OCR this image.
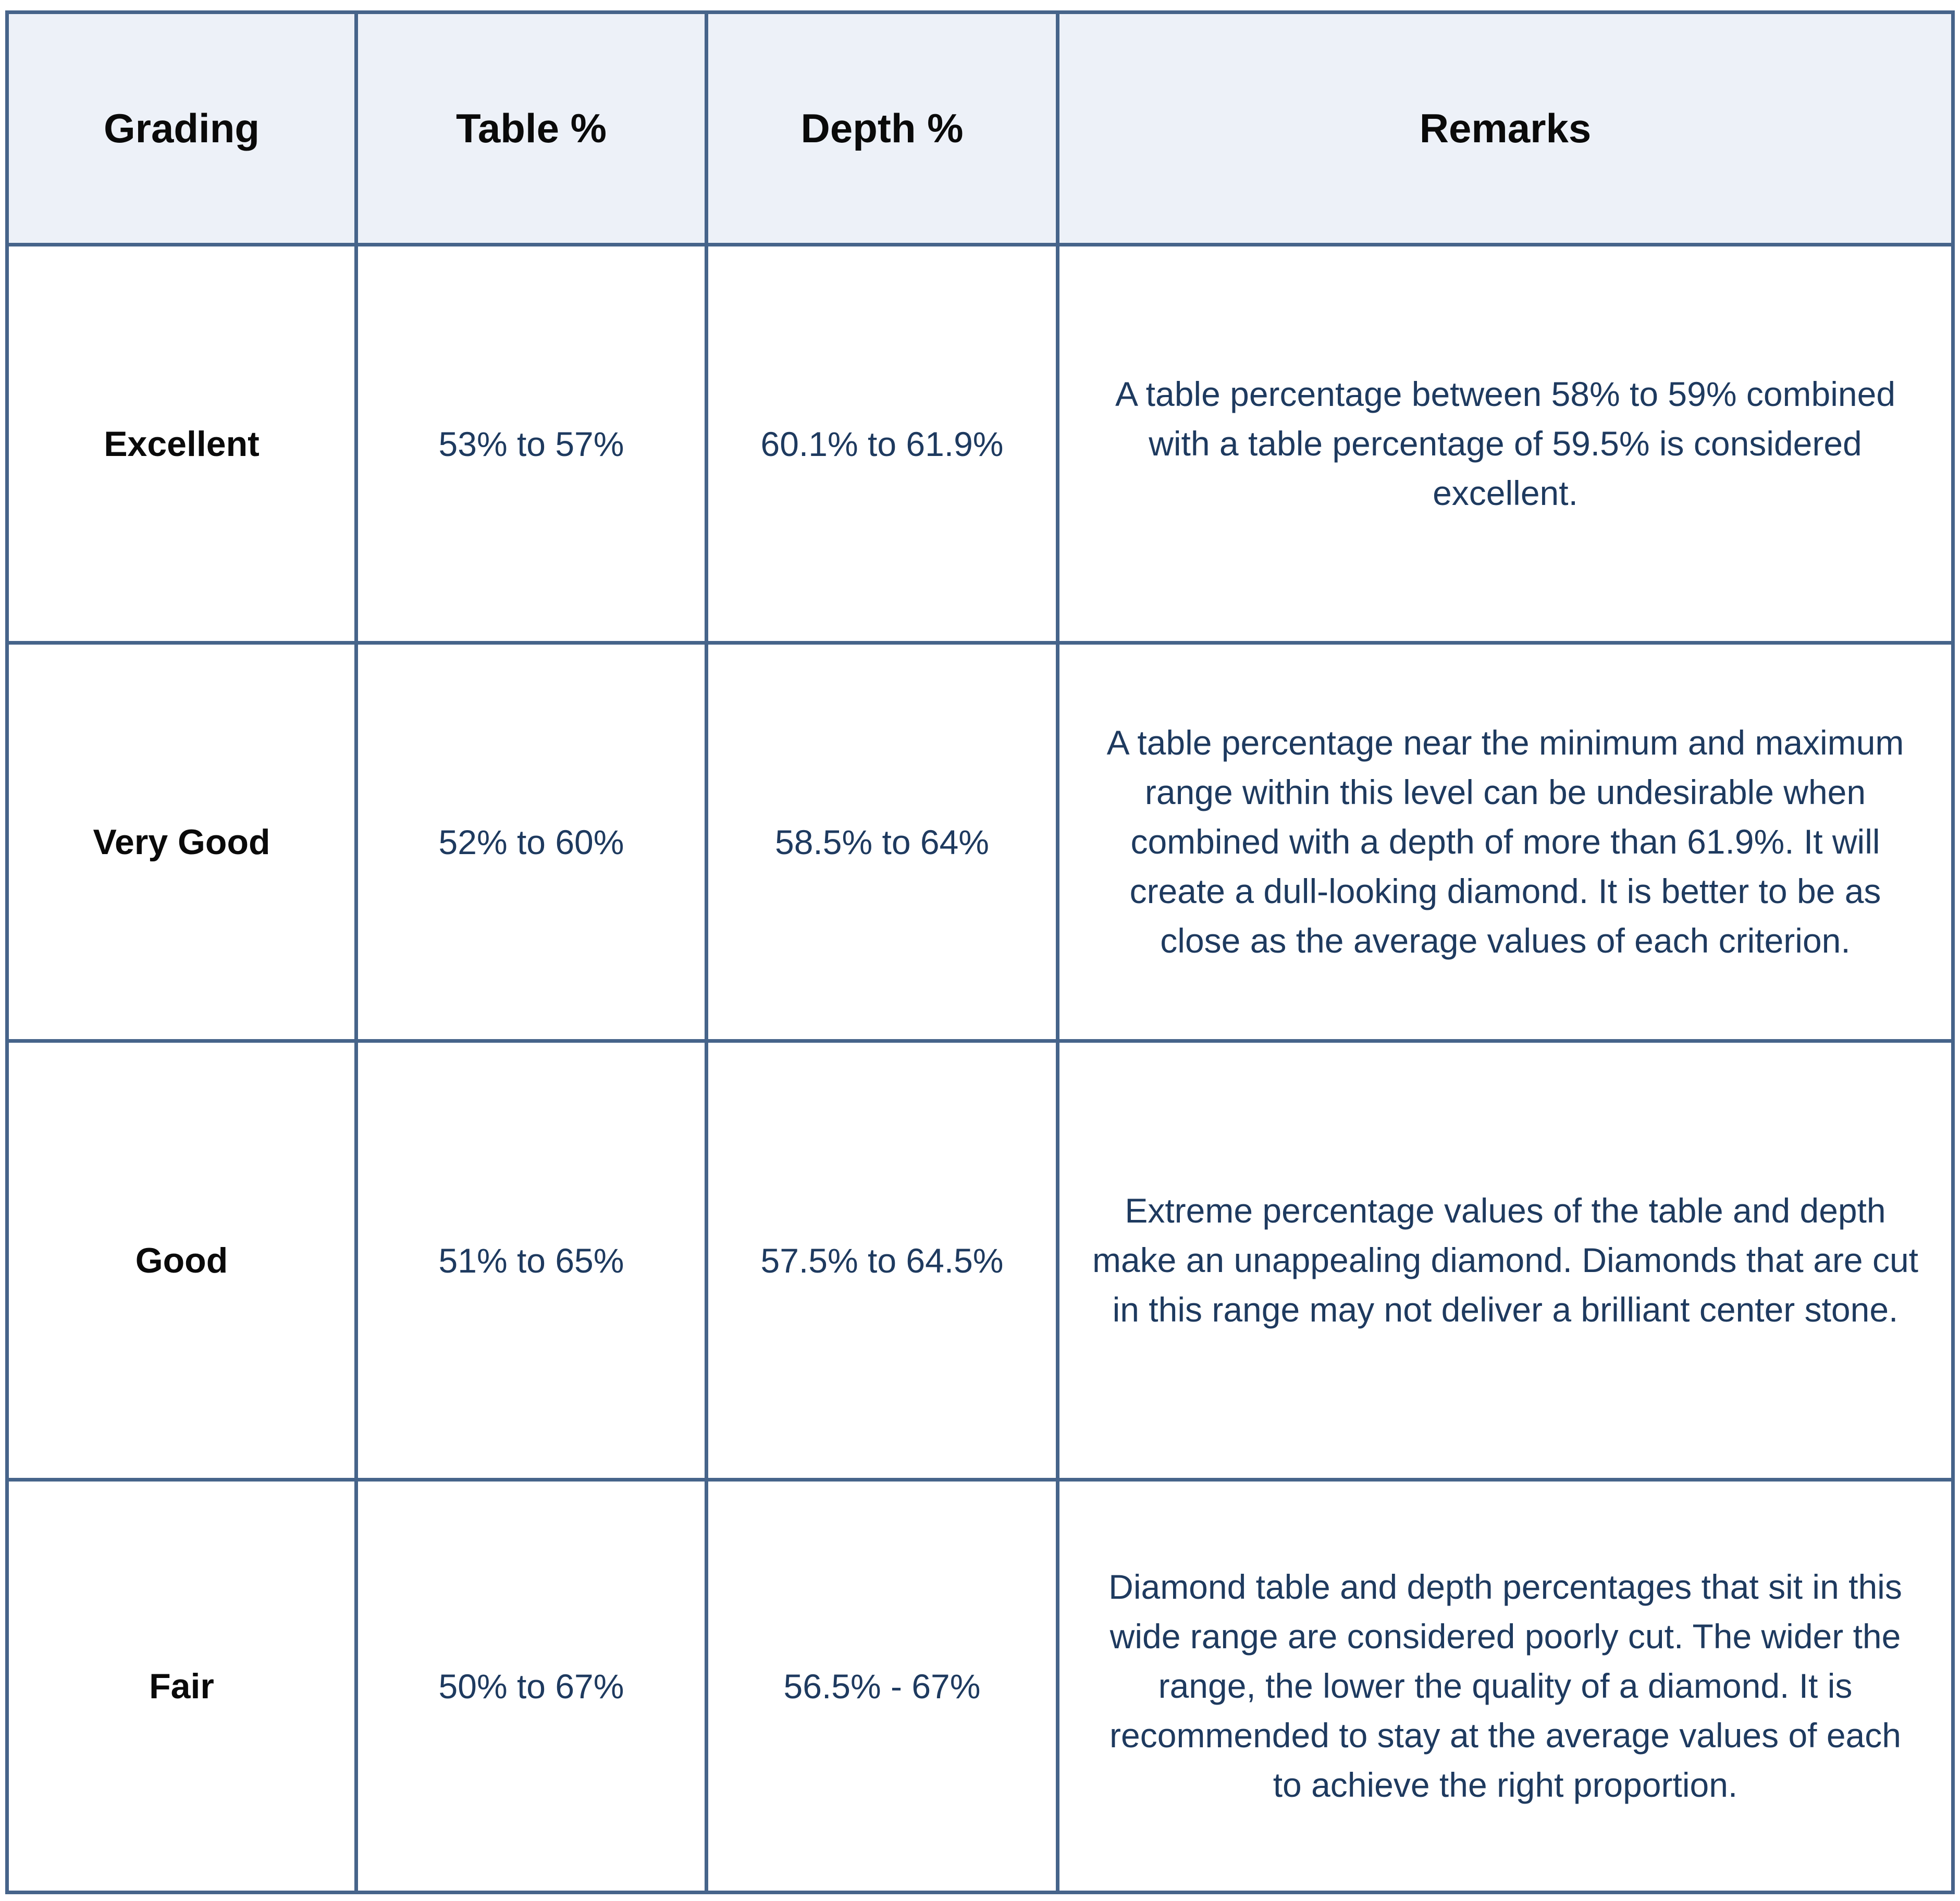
Grading	Table %	Depth %	Remarks
Excellent	53% to 57%	60.1% to 61.9%	A table percentage between 58% to 59% combined with a table percentage of 59.5% is considered excellent.
Very Good	52% to 60%	58.5% to 64%	A table percentage near the minimum and maximum range within this level can be undesirable when combined with a depth of more than 61.9%. It will create a dull-looking diamond. It is better to be as close as the average values of each criterion.
Good	51% to 65%	57.5% to 64.5%	Extreme percentage values of the table and depth make an unappealing diamond. Diamonds that are cut in this range may not deliver a brilliant center stone.
Fair	50% to 67%	56.5% - 67%	Diamond table and depth percentages that sit in this wide range are considered poorly cut. The wider the range, the lower the quality of a diamond. It is recommended to stay at the average values of each to achieve the right proportion.
